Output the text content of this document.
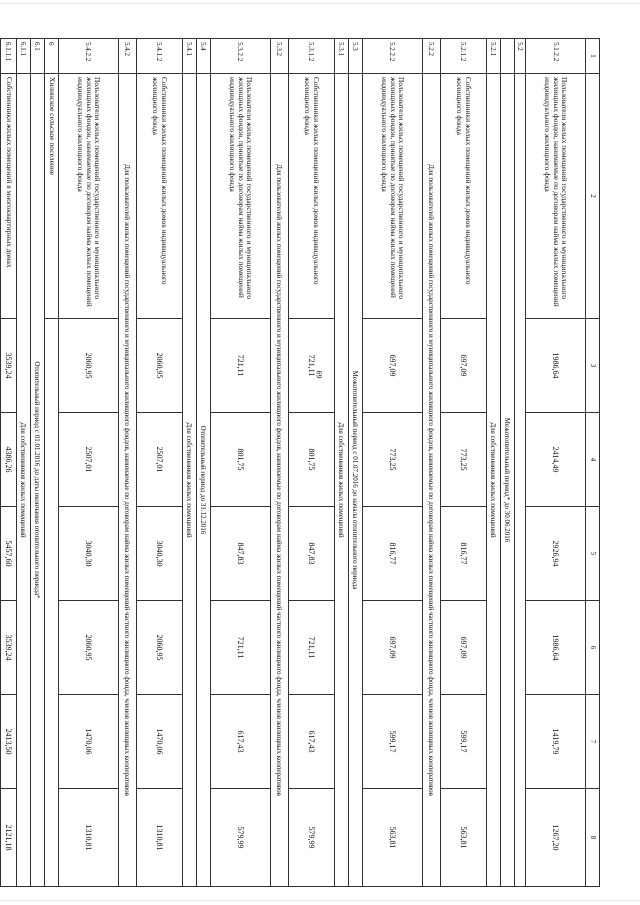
69
1	2	3	4	5	6	7	8
5.1.2.2	Пользователи жилых помещений государственного и муниципального жилищных фондов, нанимаемые по договорам найма жилых помещений индивидуального жилищного фонда	1986,64	2414,49	2926,94	1986,64	1419,79	1267,20
5.2							
	Межотопительный период* до 30.06.2016						
5.2.1	Для собственников жилых помещений						
5.2.1.2	Собственники жилых помещений жилых домов индивидуального жилищного фонда	697,09	773,25	816,77	697,09	599,17	563,81
5.2.2	Для пользователей жилых помещений государственного и муниципального жилищного фондов, нанимаемые по договорам найма жилых помещений частного жилищного фонда, членов жилищных кооперативов						
5.2.2.2	Пользователи жилых помещений государственного и муниципального жилищных фондов, принятые по договорам найма жилых помещений индивидуального жилищного фонда	697,09	773,25	816,77	697,09	599,17	563,81
5.3	Межотопительный период с 01.07.2016 до начала отопительного периода						
5.3.1	Для собственников жилых помещений						
5.3.1.2	Собственники жилых помещений жилых домов индивидуального жилищного фонда	721,11	801,75	847,83	721,11	617,43	579,99
5.3.2	Для пользователей жилых помещений государственного и муниципального жилищного фондов, нанимаемые по договорам найма жилых помещений частного жилищного фонда, членов жилищных кооперативов						
5.3.2.2	Пользователи жилых помещений государственного и муниципального жилищных фондов, принятые по договорам найма жилых помещений индивидуального жилищного фонда	721,11	801,75	847,83	721,11	617,43	579,99
5.4	Отопительный период до 31.12.2016						
5.4.1	Для собственников жилых помещений						
5.4.1.2	Собственники жилых помещений жилых домов индивидуального жилищного фонда	2060,95	2507,01	3040,30	2060,95	1470,06	1310,81
5.4.2	Для пользователей жилых помещений государственного и муниципального жилищного фондов, нанимаемые по договорам найма жилых помещений частного жилищного фонда, членов жилищных кооперативов						
5.4.2.2	Пользователи жилых помещений государственного и муниципального жилищных фондов, нанимаемые по договорам найма жилых помещений индивидуального жилищного фонда	2060,95	2507,01	3040,30	2060,95	1470,06	1310,81
6	Хилинское сельское поселение						
6.1	Отопительный период с 01.01.2016 до даты окончания отопительного периода*						
6.1.1	Для собственников жилых помещений						
6.1.1.1	Собственники жилых помещений в многоквартирных домах	3539,24	4386,26	5457,60	3539,24	2413,50	2121,18
